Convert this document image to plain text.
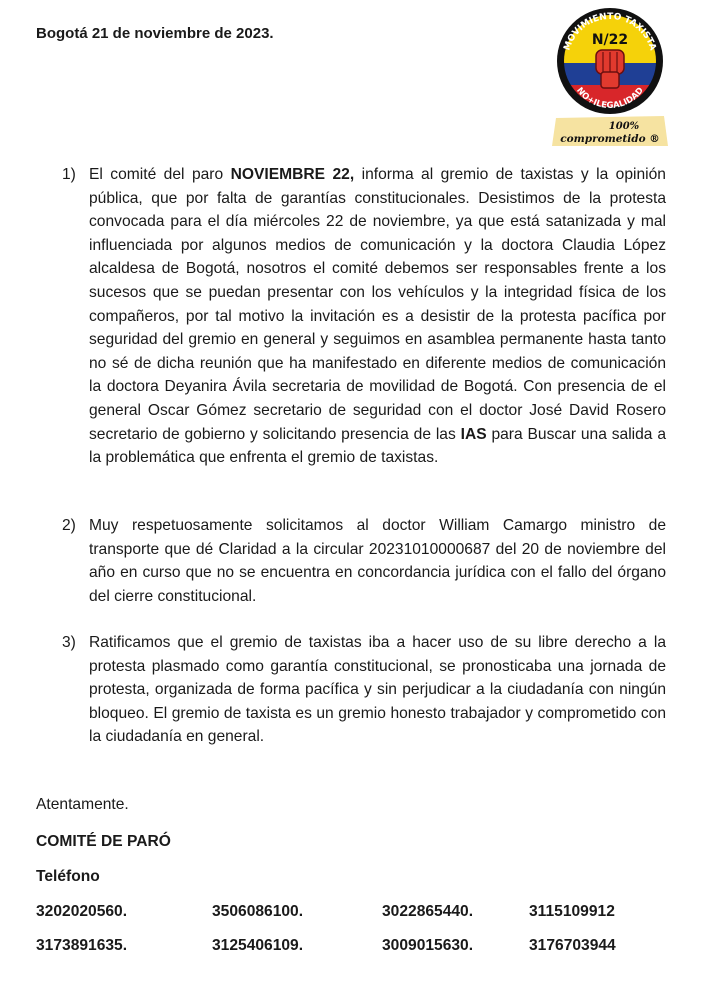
Bogotá 21 de noviembre de 2023.
MOVIMIENTO TAXISTA
NO+ILEGALIDAD
N/22
100%
comprometido ®
1) El comité del paro NOVIEMBRE 22, informa al gremio de taxistas y la opinión pública, que por falta de garantías constitucionales. Desistimos de la protesta convocada para el día miércoles 22 de noviembre, ya que está satanizada y mal influenciada por algunos medios de comunicación y la doctora Claudia López alcaldesa de Bogotá, nosotros el comité debemos ser responsables frente a los sucesos que se puedan presentar con los vehículos y la integridad física de los compañeros, por tal motivo la invitación es a desistir de la protesta pacífica por seguridad del gremio en general y seguimos en asamblea permanente hasta tanto no sé de dicha reunión que ha manifestado en diferente medios de comunicación la doctora Deyanira Ávila secretaria de movilidad de Bogotá. Con presencia de el general Oscar Gómez secretario de seguridad con el doctor José David Rosero secretario de gobierno y solicitando presencia de las IAS para Buscar una salida a la problemática que enfrenta el gremio de taxistas.
2) Muy respetuosamente solicitamos al doctor William Camargo ministro de transporte que dé Claridad a la circular 20231010000687 del 20 de noviembre del año en curso que no se encuentra en concordancia jurídica con el fallo del órgano del cierre constitucional.
3) Ratificamos que el gremio de taxistas iba a hacer uso de su libre derecho a la protesta plasmado como garantía constitucional, se pronosticaba una jornada de protesta, organizada de forma pacífica y sin perjudicar a la ciudadanía con ningún bloqueo. El gremio de taxista es un gremio honesto trabajador y comprometido con la ciudadanía en general.
Atentamente.
COMITÉ DE PARÓ
Teléfono
3202020560.	3506086100.	3022865440.	3115109912
3173891635.	3125406109.	3009015630.	3176703944
